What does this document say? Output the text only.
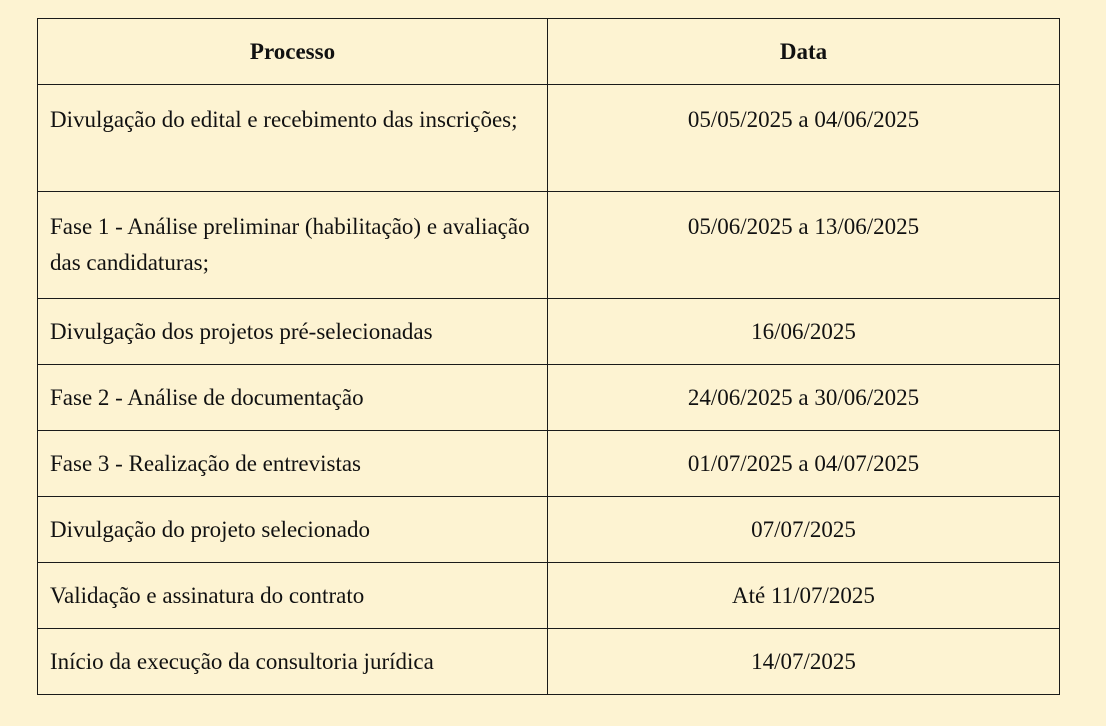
Processo	Data
Divulgação do edital e recebimento das inscrições;	05/05/2025 a 04/06/2025
Fase 1 - Análise preliminar (habilitação) e avaliação das candidaturas;	05/06/2025 a 13/06/2025
Divulgação dos projetos pré-selecionadas	16/06/2025
Fase 2 - Análise de documentação	24/06/2025 a 30/06/2025
Fase 3 - Realização de entrevistas	01/07/2025 a 04/07/2025
Divulgação do projeto selecionado	07/07/2025
Validação e assinatura do contrato	Até 11/07/2025
Início da execução da consultoria jurídica	14/07/2025
